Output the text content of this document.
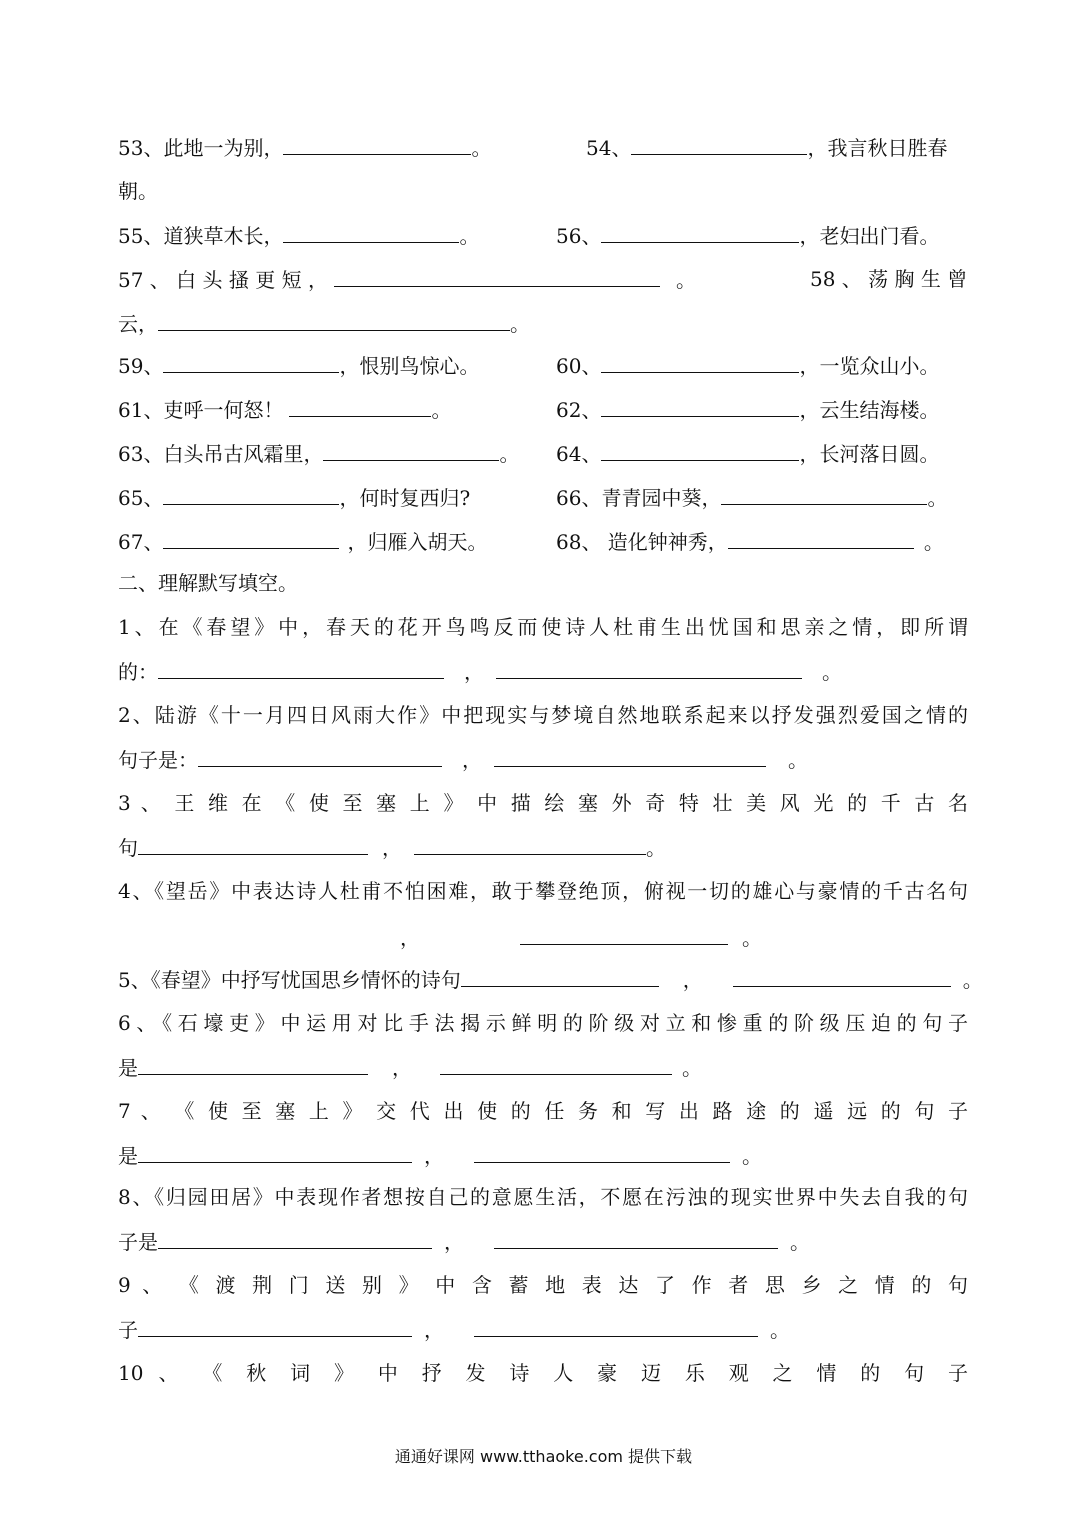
53、此地一为别，	。	54、	，我言秋日胜春
朝。
55、道狭草木长，	。	56、	，老妇出门看。
57 、 白 头 搔 更 短 ，	。	58 、 荡 胸 生 曾
云，	。
59、	，恨别鸟惊心。	60、	，一览众山小。
61、吏呼一何怒！	。	62、	，云生结海楼。
63、白头吊古风霜里，	。 64、	，长河落日圆。
65、	，何时复西归?	66、青青园中葵，	。
67、	，归雁入胡天。	68、 造化钟神秀，	。
二、理解默写填空。
1、在《春望》中，春天的花开鸟鸣反而使诗人杜甫生出忧国和思亲之情，即所谓
的：	，	。
2、陆游《十一月四日风雨大作》中把现实与梦境自然地联系起来以抒发强烈爱国之情的
句子是：	，	。
3 、 王 维 在 《 使 至 塞 上 》 中 描 绘 塞 外 奇 特 壮 美 风 光 的 千 古 名
句	，	。
4、《望岳》中表达诗人杜甫不怕困难，敢于攀登绝顶，俯视一切的雄心与豪情的千古名句
，	。
5、《春望》中抒写忧国思乡情怀的诗句	，	。
6、《石壕吏》中运用对比手法揭示鲜明的阶级对立和惨重的阶级压迫的句子
是	，	。
7 、 《 使 至 塞 上 》 交 代 出 使 的 任 务 和 写 出 路 途 的 遥 远 的 句 子
是	，	。
8、《归园田居》中表现作者想按自己的意愿生活，不愿在污浊的现实世界中失去自我的句
子是	，	。
9 、 《 渡 荆 门 送 别 》 中 含 蓄 地 表 达 了 作 者 思 乡 之 情 的 句
子	，	。
10 、 《 秋 词 》 中 抒 发 诗 人 豪 迈 乐 观 之 情 的 句 子
通通好课网 www.tthaoke.com 提供下载
